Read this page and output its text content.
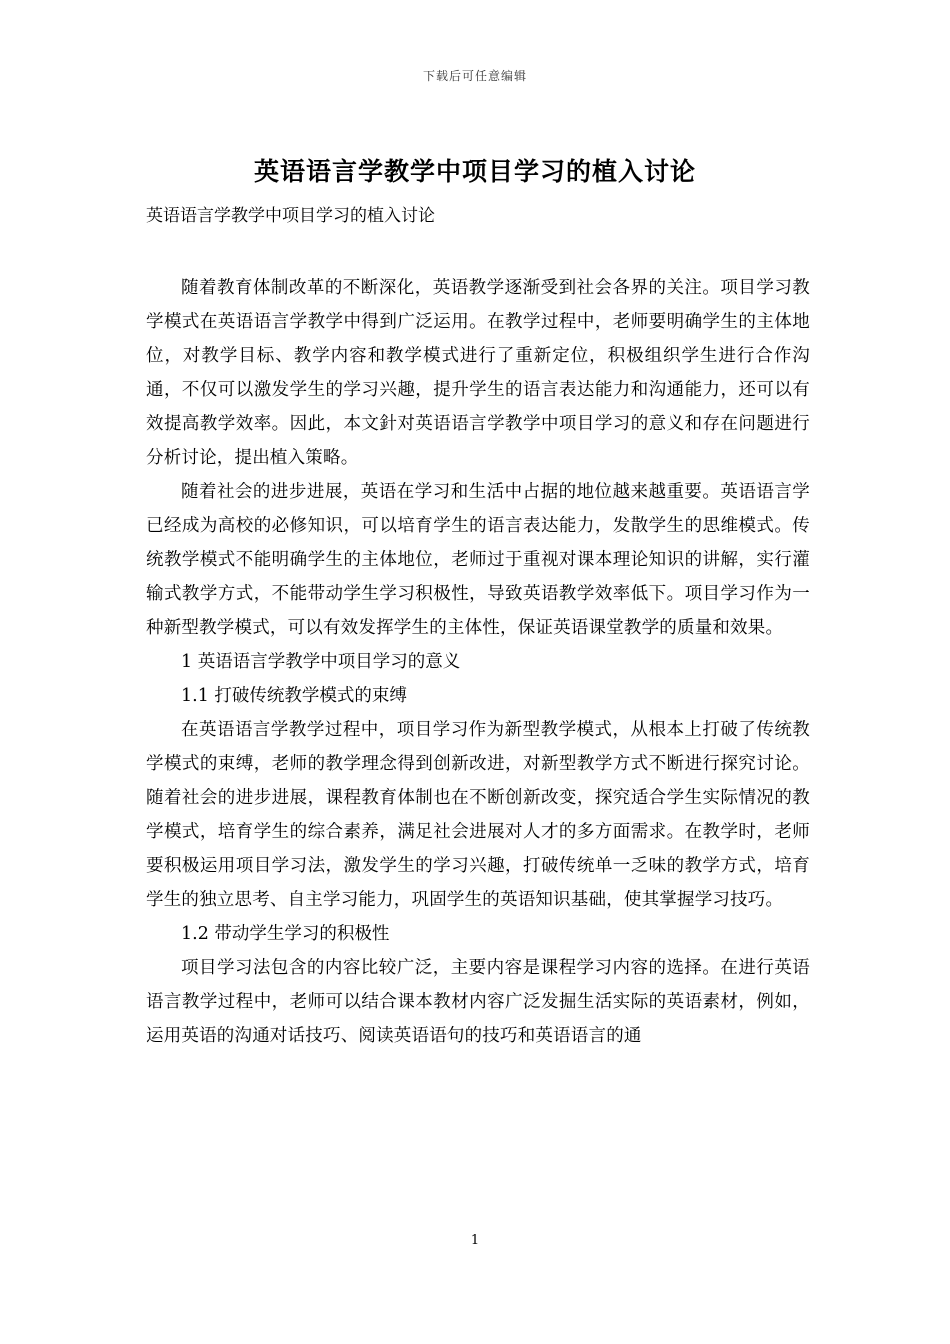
下载后可任意编辑
英语语言学教学中项目学习的植入讨论
英语语言学教学中项目学习的植入讨论

随着教育体制改革的不断深化，英语教学逐渐受到社会各界的关注。项目学习教学模式在英语语言学教学中得到广泛运用。在教学过程中，老师要明确学生的主体地位，对教学目标、教学内容和教学模式进行了重新定位，积极组织学生进行合作沟通，不仅可以激发学生的学习兴趣，提升学生的语言表达能力和沟通能力，还可以有效提高教学效率。因此，本文針对英语语言学教学中项目学习的意义和存在问题进行分析讨论，提出植入策略。

随着社会的进步进展，英语在学习和生活中占据的地位越来越重要。英语语言学已经成为高校的必修知识，可以培育学生的语言表达能力，发散学生的思维模式。传统教学模式不能明确学生的主体地位，老师过于重视对课本理论知识的讲解，实行灌输式教学方式，不能带动学生学习积极性，导致英语教学效率低下。项目学习作为一种新型教学模式，可以有效发挥学生的主体性，保证英语课堂教学的质量和效果。

1 英语语言学教学中项目学习的意义

1.1 打破传统教学模式的束缚

在英语语言学教学过程中，项目学习作为新型教学模式，从根本上打破了传统教学模式的束缚，老师的教学理念得到创新改进，对新型教学方式不断进行探究讨论。随着社会的进步进展，课程教育体制也在不断创新改变，探究适合学生实际情况的教学模式，培育学生的综合素养，满足社会进展对人才的多方面需求。在教学时，老师要积极运用项目学习法，激发学生的学习兴趣，打破传统单一乏味的教学方式，培育学生的独立思考、自主学习能力，巩固学生的英语知识基础，使其掌握学习技巧。

1.2 带动学生学习的积极性

项目学习法包含的内容比较广泛，主要内容是课程学习内容的选择。在进行英语语言教学过程中，老师可以结合课本教材内容广泛发掘生活实际的英语素材，例如，运用英语的沟通对话技巧、阅读英语语句的技巧和英语语言的通

1
